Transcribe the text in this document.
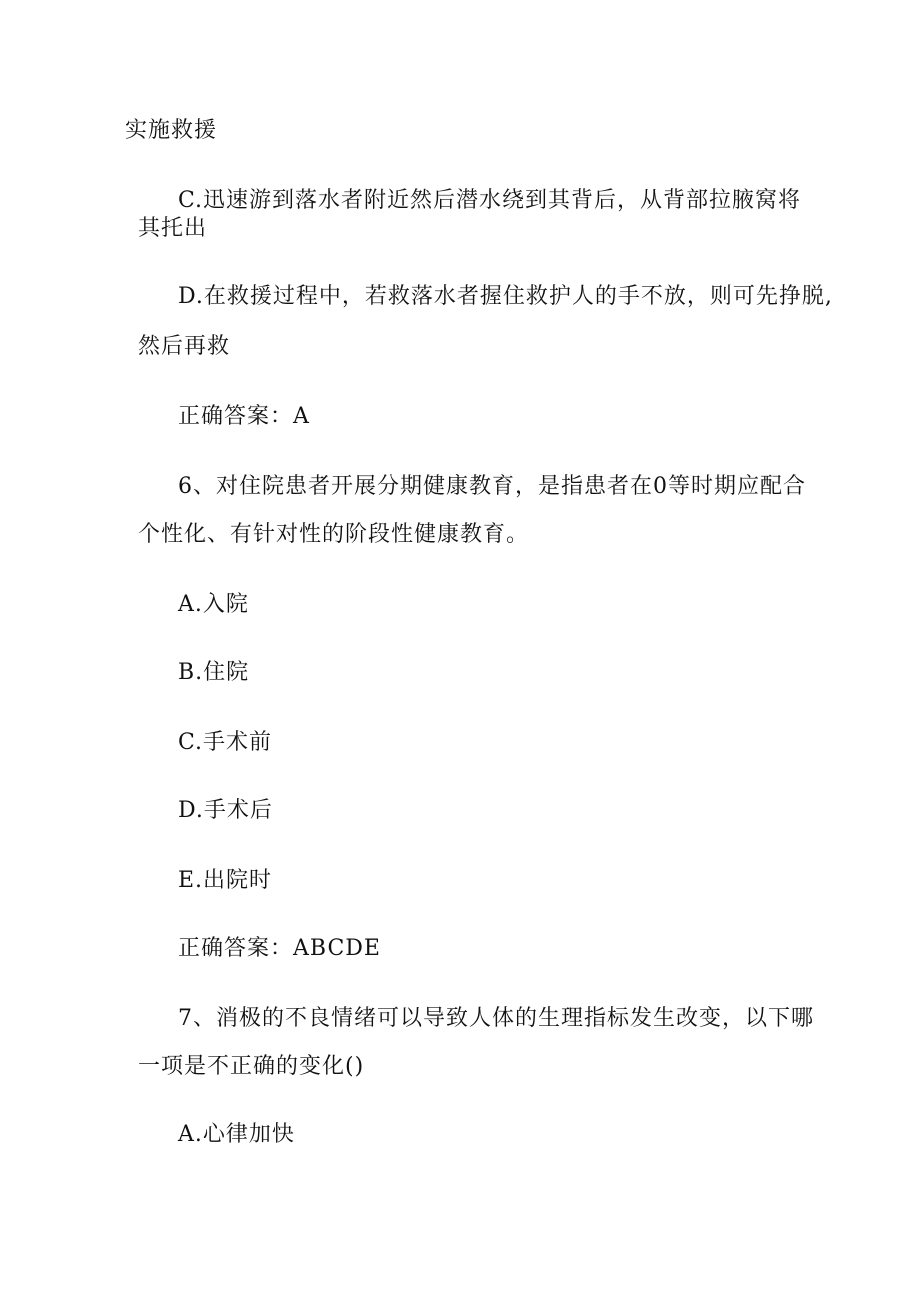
实施救援
C.迅速游到落水者附近然后潜水绕到其背后，从背部拉腋窝将
其托出
D.在救援过程中，若救落水者握住救护人的手不放，则可先挣脱,
然后再救
正确答案：A
6、对住院患者开展分期健康教育，是指患者在0等时期应配合
个性化、有针对性的阶段性健康教育。
A.入院
B.住院
C.手术前
D.手术后
E.出院时
正确答案：ABCDE
7、消极的不良情绪可以导致人体的生理指标发生改变，以下哪
一项是不正确的变化()
A.心律加快
